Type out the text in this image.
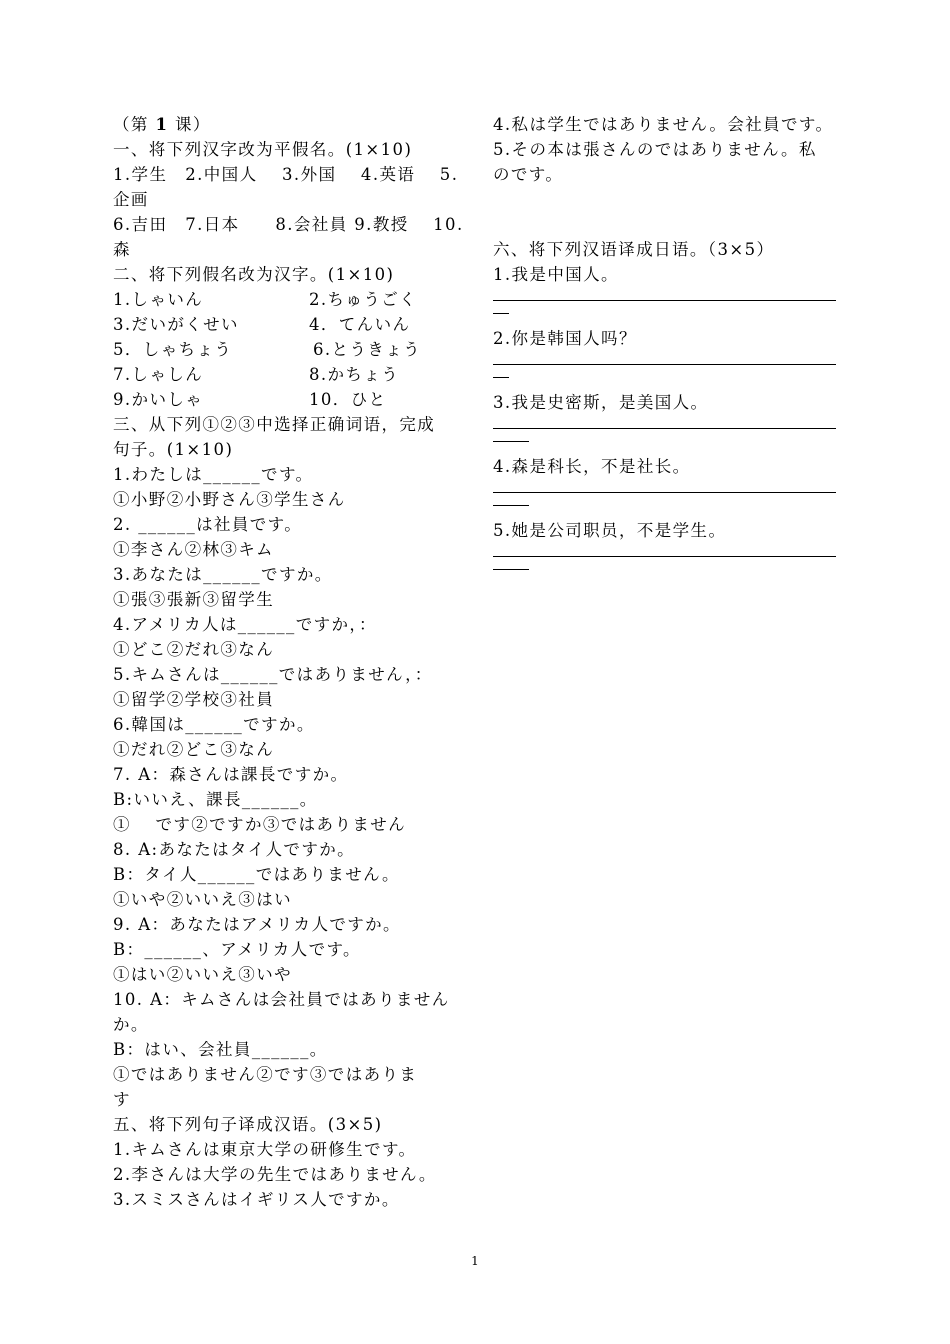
（第 1 课）
一、将下列汉字改为平假名。(1×10)
1.学生　2.中国人　 3.外国　 4.英语　 5.
企画
6.吉田　7.日本　　8.会社員 9.教授　 10.
森
二、将下列假名改为汉字。(1×10)
1.しゃいん	2.ちゅうごく
3.だいがくせい	4．てんいん
5．しゃちょう	6.とうきょう
7.しゃしん	8.かちょう
9.かいしゃ	10．ひと
三、从下列①②③中选择正确词语，完成
句子。(1×10)
1.わたしは______です。
①小野②小野さん③学生さん
2. ______は社員です。
①李さん②林③キム
3.あなたは______ですか。
①張③張新③留学生
4.アメリカ人は______ですか，：
①どこ②だれ③なん
5.キムさんは______ではありません，：
①留学②学校③社員
6.韓国は______ですか。
①だれ②どこ③なん
7. A：森さんは課長ですか。
B:いいえ、課長______。
①　 です②ですか③ではありません
8. A:あなたはタイ人ですか。
B：タイ人______ではありません。
①いや②いいえ③はい
9. A：あなたはアメリカ人ですか。
B：______、アメリカ人です。
①はい②いいえ③いや
10. A：キムさんは会社員ではありません
か。
B：はい、会社員______。
①ではありません②です③ではありま
す
五、将下列句子译成汉语。(3×5)
1.キムさんは東京大学の研修生です。
2.李さんは大学の先生ではありません。
3.スミスさんはイギリス人ですか。
4.私は学生ではありません。会社員です。
5.その本は張さんのではありません。私
のです。
六、将下列汉语译成日语。（3×5）
1.我是中国人。
2.你是韩国人吗？
3.我是史密斯，是美国人。
4.森是科长，不是社长。
5.她是公司职员，不是学生。
1
